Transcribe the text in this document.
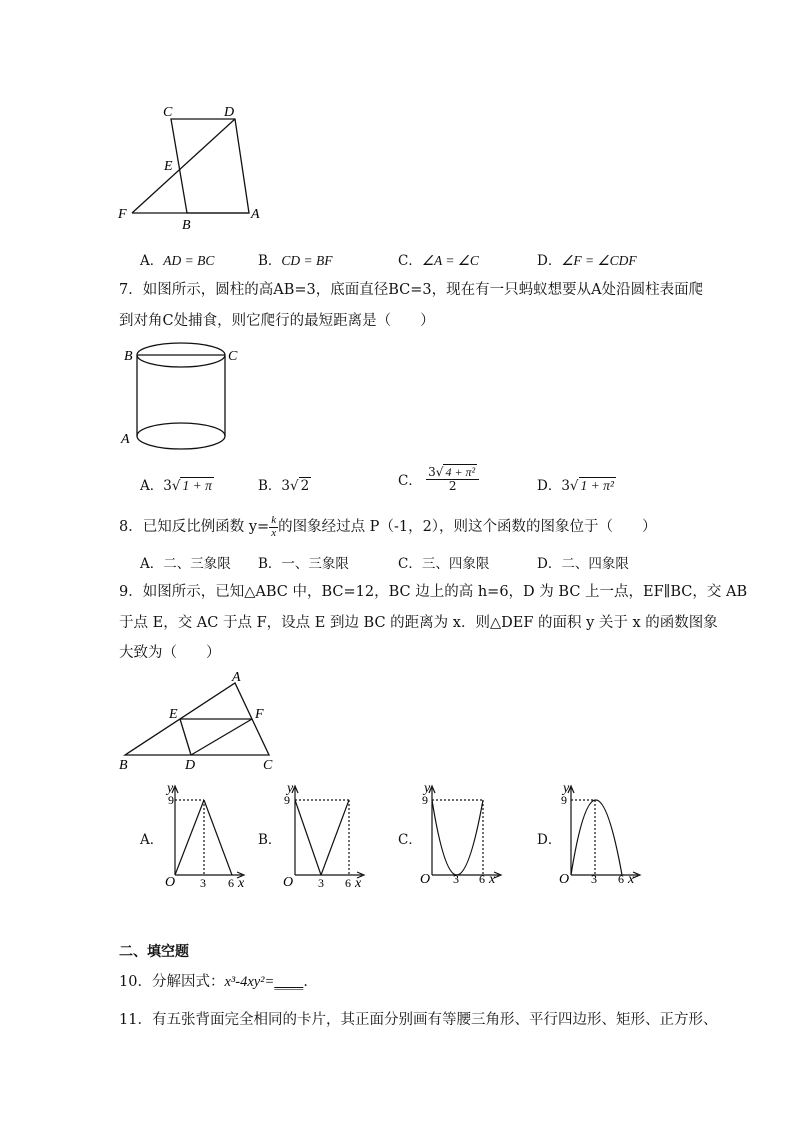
C	D
E
F
B
A
A．AD = BC	B．CD = BF	C．∠A = ∠C	D．∠F = ∠CDF
7．如图所示，圆柱的高AB=3，底面直径BC=3，现在有一只蚂蚁想要从A处沿圆柱表面爬
到对角C处捕食，则它爬行的最短距离是（　　）
B	C
A
A．3√ 1 + π	B．3√ 2	C． $\frac{\text{3√ 4 + π²}}{2}$	D．3√ 1 + π²
8．已知反比例函数 $y= \frac{k}{x}$ 的图象经过点 P（-1，2），则这个函数的图象位于（　　）
A．二、三象限 B．一、三象限	C．三、四象限	D．二、四象限
9．如图所示，已知△ABC 中，BC=12，BC 边上的高 h=6，D 为 BC 上一点，EF∥BC，交 AB
于点 E，交 AC 于点 F，设点 E 到边 BC 的距离为 x．则△DEF 的面积 y 关于 x 的函数图象
大致为（　　）
A
E	F
B	D	C
A．
y
9
O 3 6 x
B．
y
9
O 3 6 x
C．
y
9
O 3 6 x
D．
y
9
O 3 6 x
二、填空题
10．分解因式：x³-4xy²=____．
11．有五张背面完全相同的卡片，其正面分别画有等腰三角形、平行四边形、矩形、正方形、
